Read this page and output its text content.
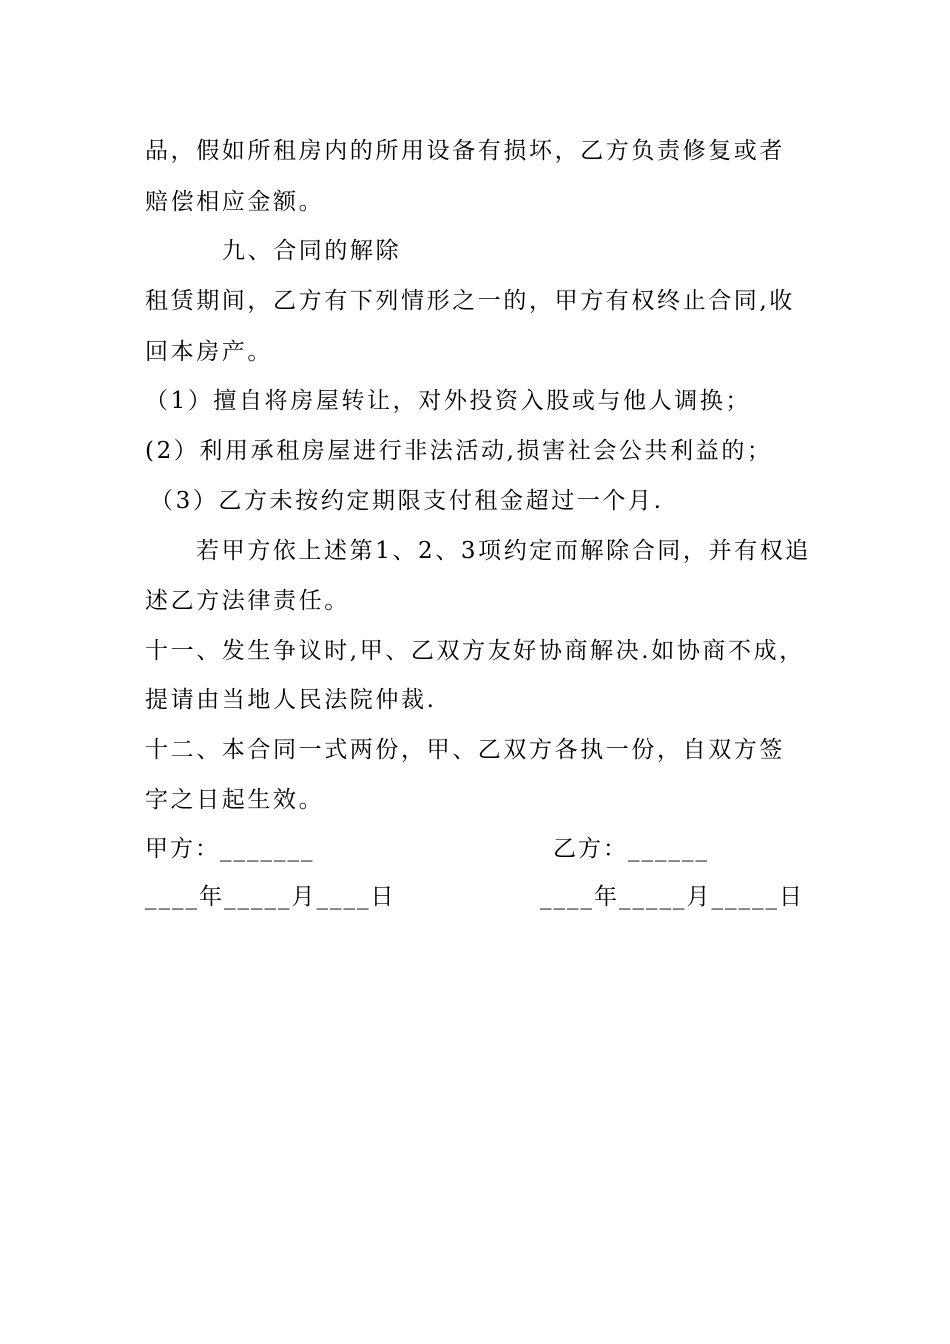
品，假如所租房内的所用设备有损坏，乙方负责修复或者
赔偿相应金额。
九、合同的解除
租赁期间，乙方有下列情形之一的，甲方有权终止合同,收
回本房产。
（1）擅自将房屋转让，对外投资入股或与他人调换；
(2）利用承租房屋进行非法活动,损害社会公共利益的；
（3）乙方未按约定期限支付租金超过一个月.
若甲方依上述第1、2、3项约定而解除合同，并有权追
述乙方法律责任。
十一、发生争议时,甲、乙双方友好协商解决.如协商不成，
提请由当地人民法院仲裁.
十二、本合同一式两份，甲、乙双方各执一份，自双方签
字之日起生效。
甲方：_______	乙方：______
____年_____月____日	____年_____月_____日
